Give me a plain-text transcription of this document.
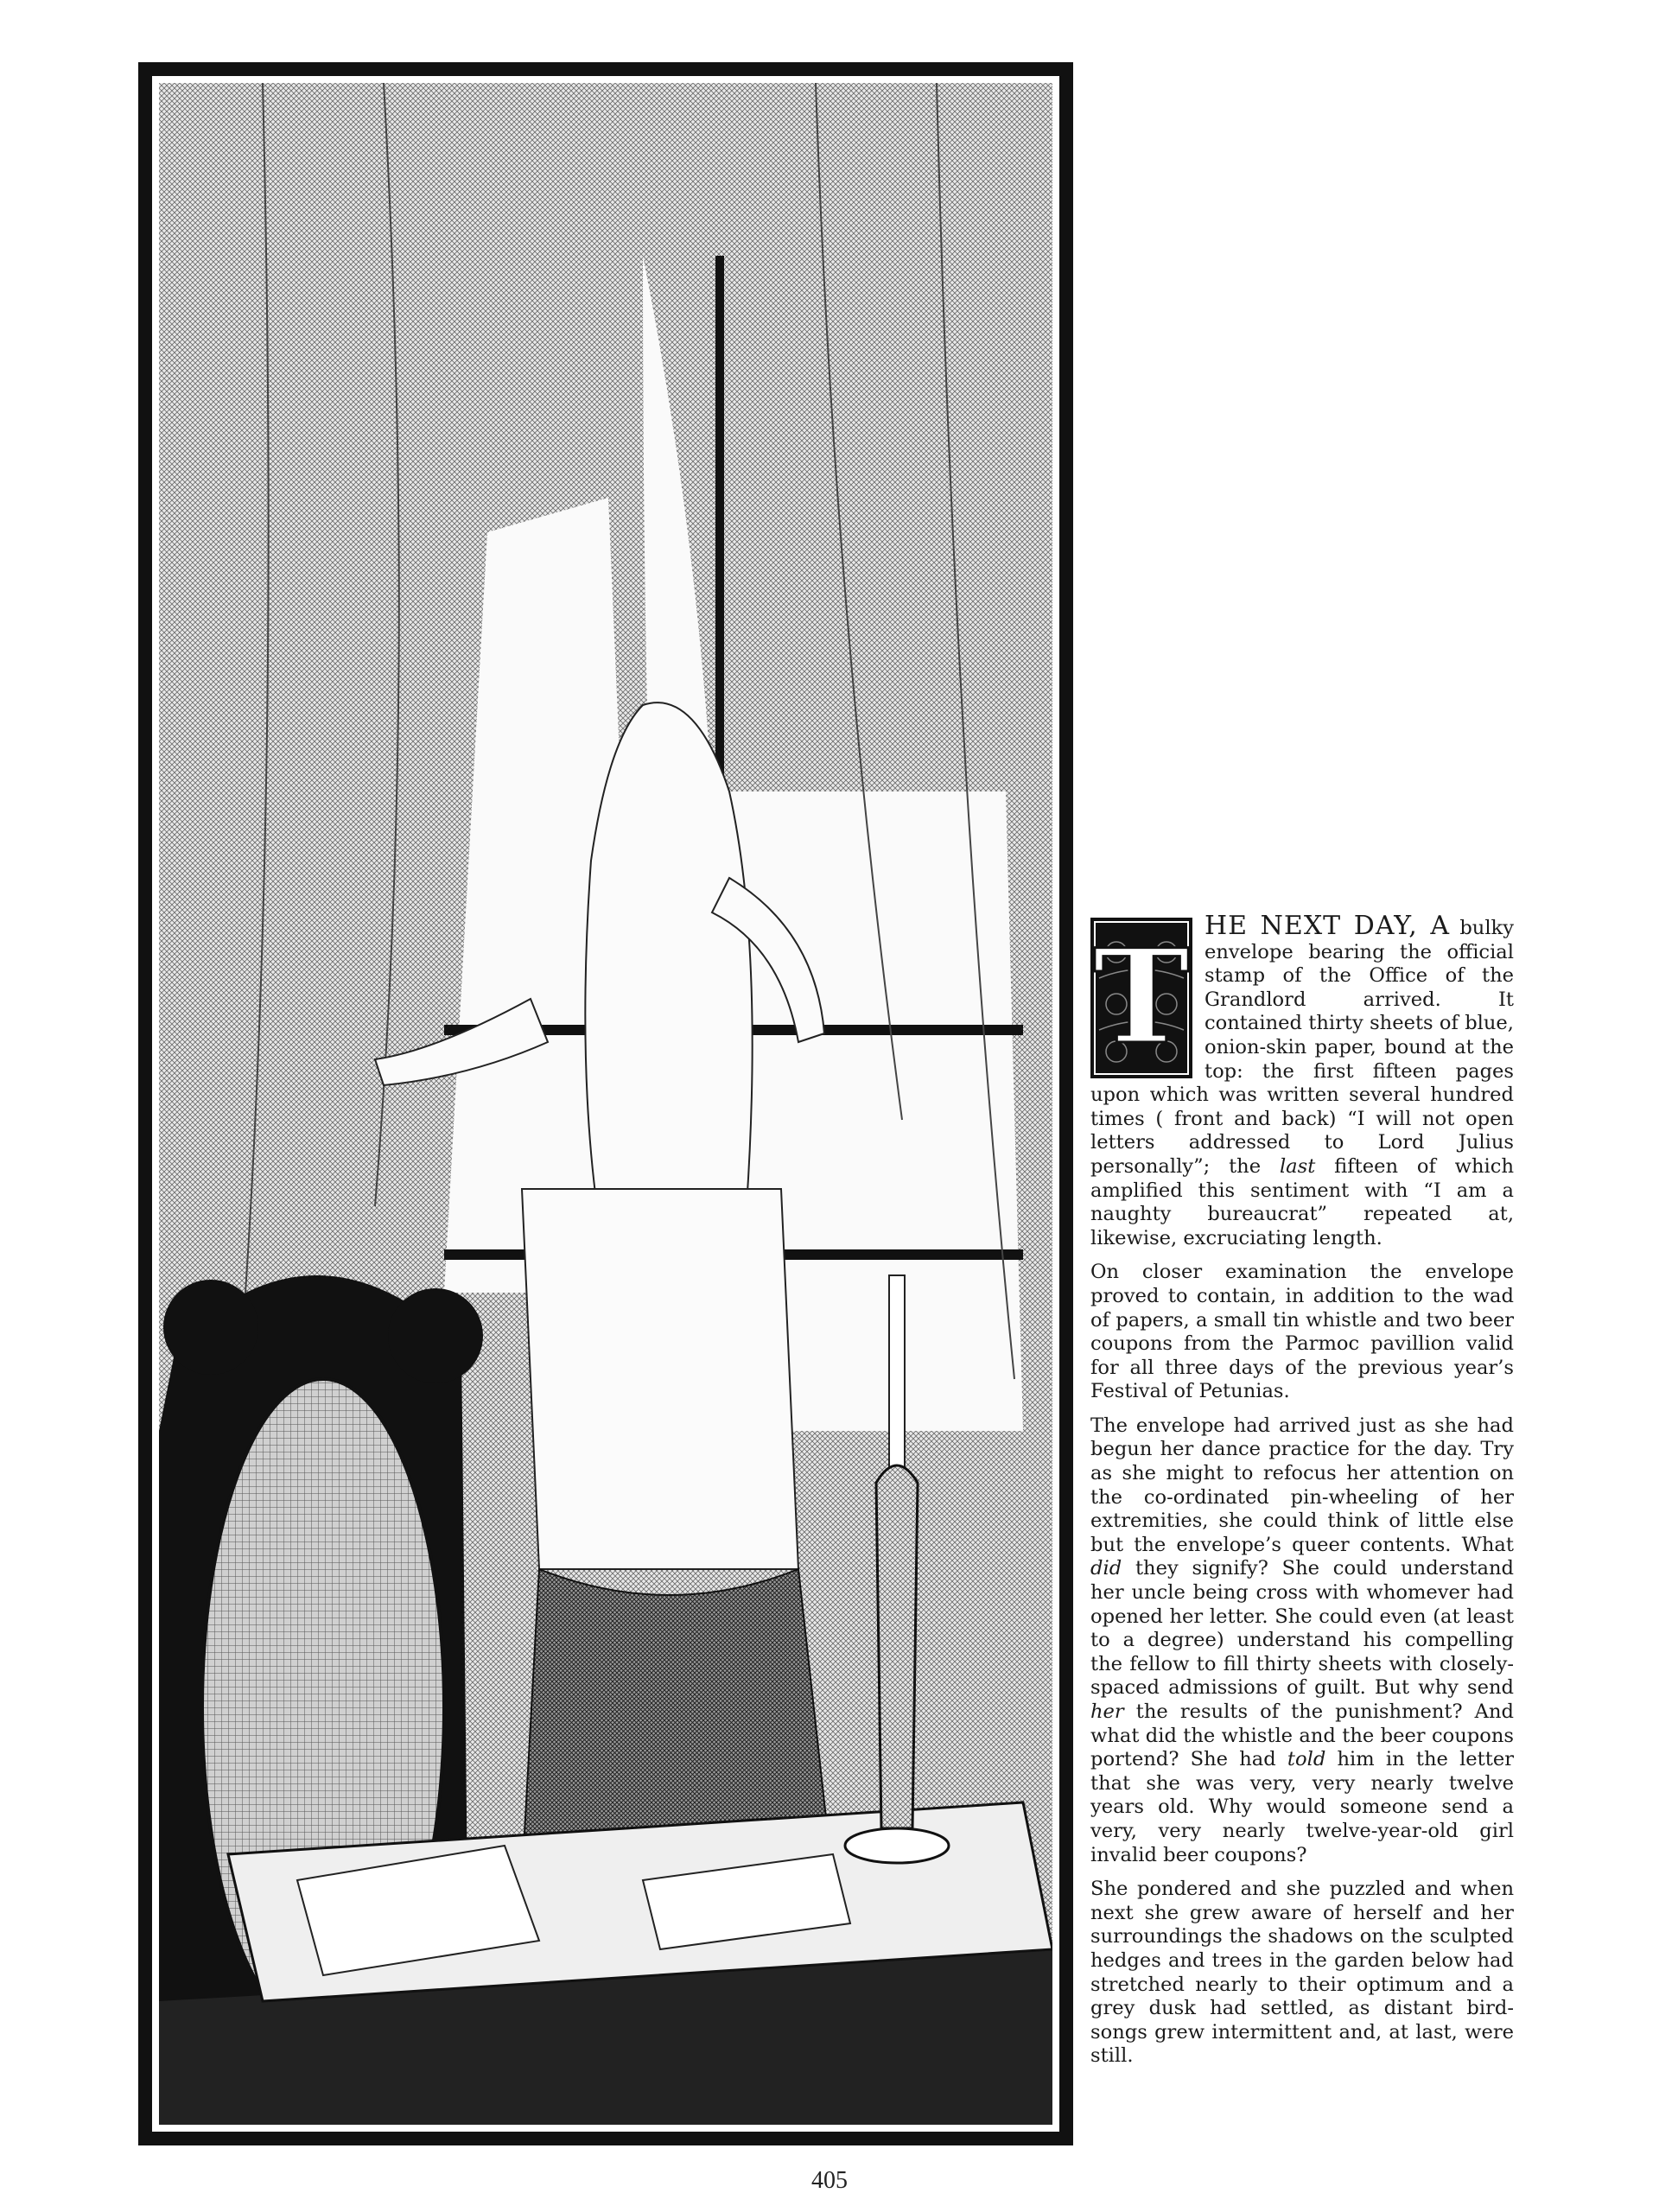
T HE NEXT DAY, A bulky envelope bearing the official stamp of the Office of the Grandlord arrived. It contained thirty sheets of blue, onion-skin paper, bound at the top: the first fifteen pages upon which was written several hundred times ( front and back) “I will not open letters addressed to Lord Julius personally”; the last fifteen of which amplified this sentiment with “I am a naughty bureaucrat” repeated at, likewise, excruciating length.

On closer examination the envelope proved to contain, in addition to the wad of papers, a small tin whistle and two beer coupons from the Parmoc pavillion valid for all three days of the previous year’s Festival of Petunias.

The envelope had arrived just as she had begun her dance practice for the day. Try as she might to refocus her attention on the co-ordinated pin-wheeling of her extremities, she could think of little else but the envelope’s queer contents. What did they signify? She could understand her uncle being cross with whomever had opened her letter. She could even (at least to a degree) understand his compelling the fellow to fill thirty sheets with closely-spaced admissions of guilt. But why send her the results of the punishment? And what did the whistle and the beer coupons portend? She had told him in the letter that she was very, very nearly twelve years old. Why would someone send a very, very nearly twelve-year-old girl invalid beer coupons?

She pondered and she puzzled and when next she grew aware of herself and her surroundings the shadows on the sculpted hedges and trees in the garden below had stretched nearly to their optimum and a grey dusk had settled, as distant bird-songs grew intermittent and, at last, were still.

405
